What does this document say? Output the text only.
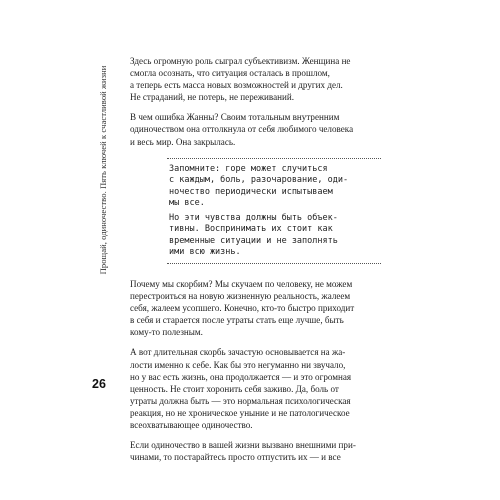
Прощай, одиночество. Пять ключей к счастливой жизни
26

Здесь огромную роль сыграл субъективизм. Женщина не
смогла осознать, что ситуация осталась в прошлом,
а теперь есть масса новых возможностей и других дел.
Не страданий, не потерь, не переживаний.

В чем ошибка Жанны? Своим тотальным внутренним
одиночеством она оттолкнула от себя любимого человека
и весь мир. Она закрылась.

Запомните: горе может случиться
с каждым, боль, разочарование, оди-
ночество периодически испытываем
мы все.
Но эти чувства должны быть объек-
тивны. Воспринимать их стоит как
временные ситуации и не заполнять
ими всю жизнь.

Почему мы скорбим? Мы скучаем по человеку, не можем
перестроиться на новую жизненную реальность, жалеем
себя, жалеем усопшего. Конечно, кто-то быстро приходит
в себя и старается после утраты стать еще лучше, быть
кому-то полезным.

А вот длительная скорбь зачастую основывается на жа-
лости именно к себе. Как бы это негуманно ни звучало,
но у вас есть жизнь, она продолжается — и это огромная
ценность. Не стоит хоронить себя заживо. Да, боль от
утраты должна быть — это нормальная психологическая
реакция, но не хроническое уныние и не патологическое
всеохватывающее одиночество.

Если одиночество в вашей жизни вызвано внешними при-
чинами, то постарайтесь просто отпустить их — и все
